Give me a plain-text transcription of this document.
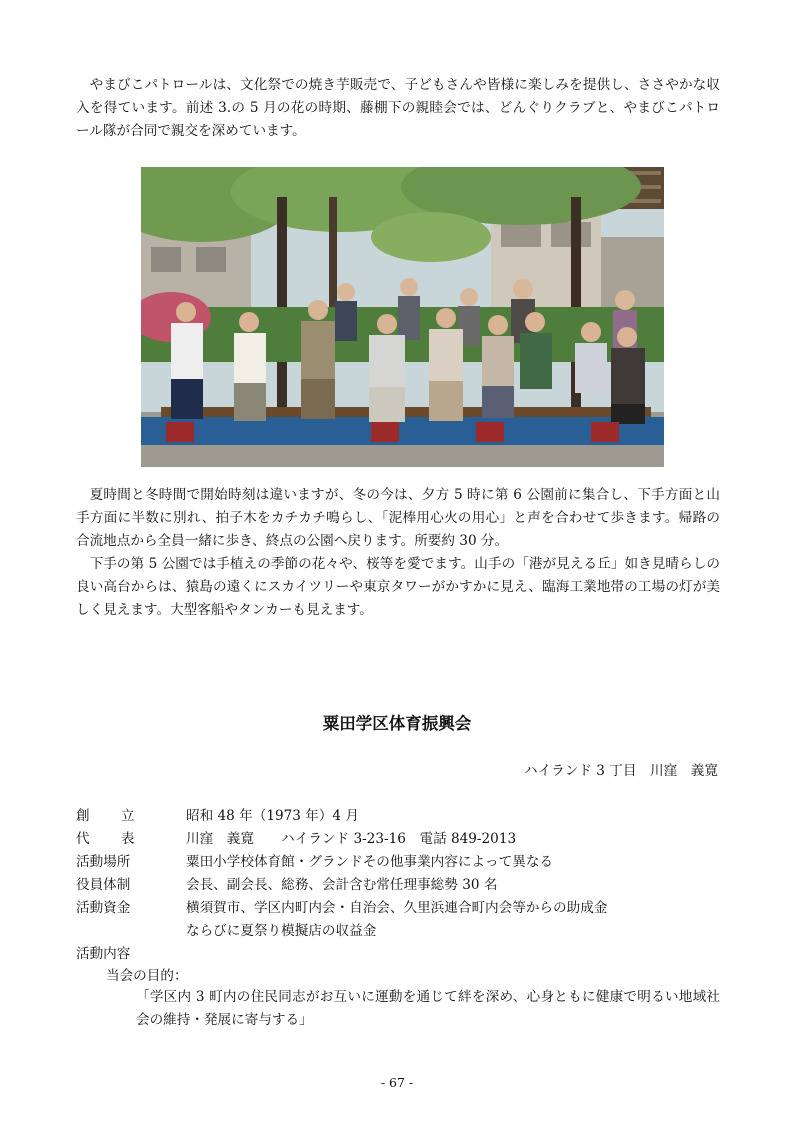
やまびこパトロールは、文化祭での焼き芋販売で、子どもさんや皆様に楽しみを提供し、ささやかな収入を得ています。前述 3.の 5 月の花の時期、藤棚下の親睦会では、どんぐりクラブと、やまびこパトロール隊が合同で親交を深めています。

夏時間と冬時間で開始時刻は違いますが、冬の今は、夕方 5 時に第 6 公園前に集合し、下手方面と山手方面に半数に別れ、拍子木をカチカチ鳴らし、「泥棒用心火の用心」と声を合わせて歩きます。帰路の合流地点から全員一緒に歩き、終点の公園へ戻ります。所要約 30 分。

下手の第 5 公園では手植えの季節の花々や、桜等を愛でます。山手の「港が見える丘」如き見晴らしの良い高台からは、猿島の遠くにスカイツリーや東京タワーがかすかに見え、臨海工業地帯の工場の灯が美しく見えます。大型客船やタンカーも見えます。

粟田学区体育振興会
ハイランド 3 丁目　川窪　義寛
創立	昭和 48 年（1973 年）4 月
代表	川窪　義寛　　ハイランド 3-23-16　電話 849-2013
活動場所	粟田小学校体育館・グランドその他事業内容によって異なる
役員体制	会長、副会長、総務、会計含む常任理事総勢 30 名
活動資金	横須賀市、学区内町内会・自治会、久里浜連合町内会等からの助成金
ならびに夏祭り模擬店の収益金
活動内容
当会の目的：
「学区内 3 町内の住民同志がお互いに運動を通じて絆を深め、心身ともに健康で明るい地域社会の維持・発展に寄与する」
- 67 -
